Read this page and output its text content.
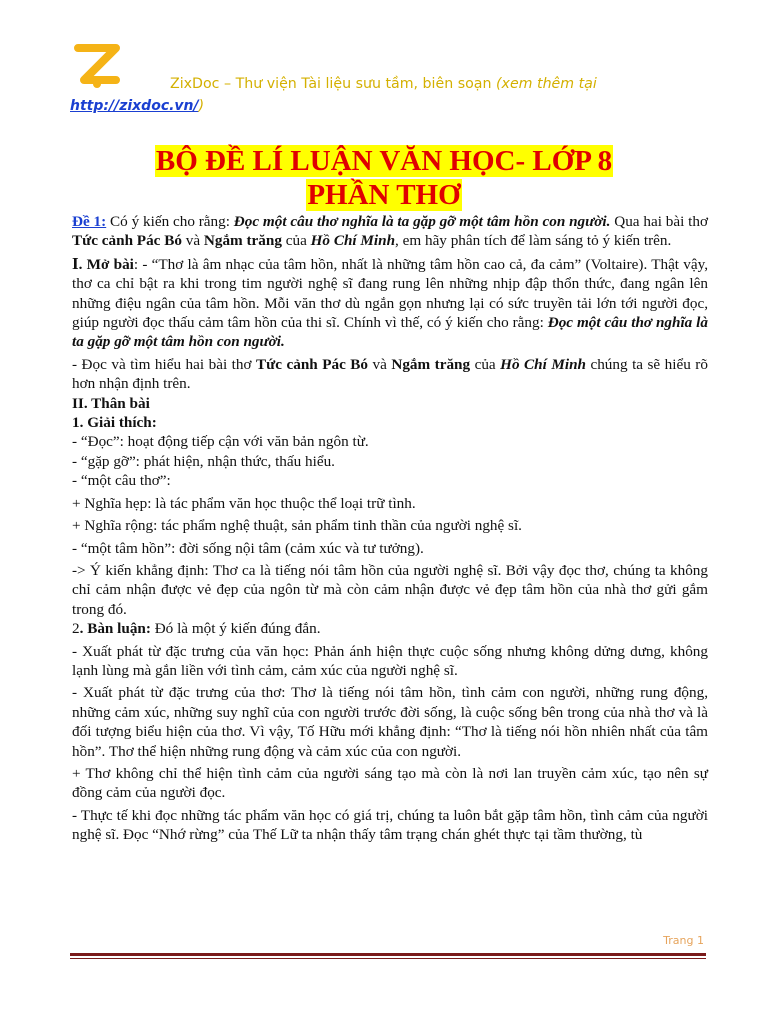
ZixDoc – Thư viện Tài liệu sưu tầm, biên soạn (xem thêm tại
http://zixdoc.vn/)
BỘ ĐỀ LÍ LUẬN VĂN HỌC- LỚP 8
PHẦN THƠ

Đề 1: Có ý kiến cho rằng: Đọc một câu thơ nghĩa là ta gặp gỡ một tâm hồn con người. Qua hai bài thơ Tức cảnh Pác Bó và Ngắm trăng của Hồ Chí Minh, em hãy phân tích để làm sáng tỏ ý kiến trên.

I. Mở bài: - “Thơ là âm nhạc của tâm hồn, nhất là những tâm hồn cao cả, đa cảm” (Voltaire). Thật vậy, thơ ca chỉ bật ra khi trong tim người nghệ sĩ đang rung lên những nhịp đập thổn thức, đang ngân lên những điệu ngân của tâm hồn. Mỗi văn thơ dù ngắn gọn nhưng lại có sức truyền tải lớn tới người đọc, giúp người đọc thấu cảm tâm hồn của thi sĩ. Chính vì thế, có ý kiến cho rằng: Đọc một câu thơ nghĩa là ta gặp gỡ một tâm hồn con người.

- Đọc và tìm hiểu hai bài thơ Tức cảnh Pác Bó và Ngắm trăng của Hồ Chí Minh chúng ta sẽ hiểu rõ hơn nhận định trên.

II. Thân bài

1. Giải thích:

- “Đọc”: hoạt động tiếp cận với văn bản ngôn từ.

- “gặp gỡ”: phát hiện, nhận thức, thấu hiểu.

- “một câu thơ”:

+ Nghĩa hẹp: là tác phẩm văn học thuộc thể loại trữ tình.

+ Nghĩa rộng: tác phẩm nghệ thuật, sản phẩm tinh thần của người nghệ sĩ.

- “một tâm hồn”: đời sống nội tâm (cảm xúc và tư tưởng).

-> Ý kiến khẳng định: Thơ ca là tiếng nói tâm hồn của người nghệ sĩ. Bởi vậy đọc thơ, chúng ta không chỉ cảm nhận được vẻ đẹp của ngôn từ mà còn cảm nhận được vẻ đẹp tâm hồn của nhà thơ gửi gắm trong đó.

2. Bàn luận: Đó là một ý kiến đúng đắn.

- Xuất phát từ đặc trưng của văn học: Phản ánh hiện thực cuộc sống nhưng không dửng dưng, không lạnh lùng mà gắn liền với tình cảm, cảm xúc của người nghệ sĩ.

- Xuất phát từ đặc trưng của thơ: Thơ là tiếng nói tâm hồn, tình cảm con người, những rung động, những cảm xúc, những suy nghĩ của con người trước đời sống, là cuộc sống bên trong của nhà thơ và là đối tượng biểu hiện của thơ. Vì vậy, Tố Hữu mới khẳng định: “Thơ là tiếng nói hồn nhiên nhất của tâm hồn”. Thơ thể hiện những rung động và cảm xúc của con người.

+ Thơ không chỉ thể hiện tình cảm của người sáng tạo mà còn là nơi lan truyền cảm xúc, tạo nên sự đồng cảm của người đọc.

- Thực tế khi đọc những tác phẩm văn học có giá trị, chúng ta luôn bắt gặp tâm hồn, tình cảm của người nghệ sĩ. Đọc “Nhớ rừng” của Thế Lữ ta nhận thấy tâm trạng chán ghét thực tại tầm thường, tù

Trang 1
